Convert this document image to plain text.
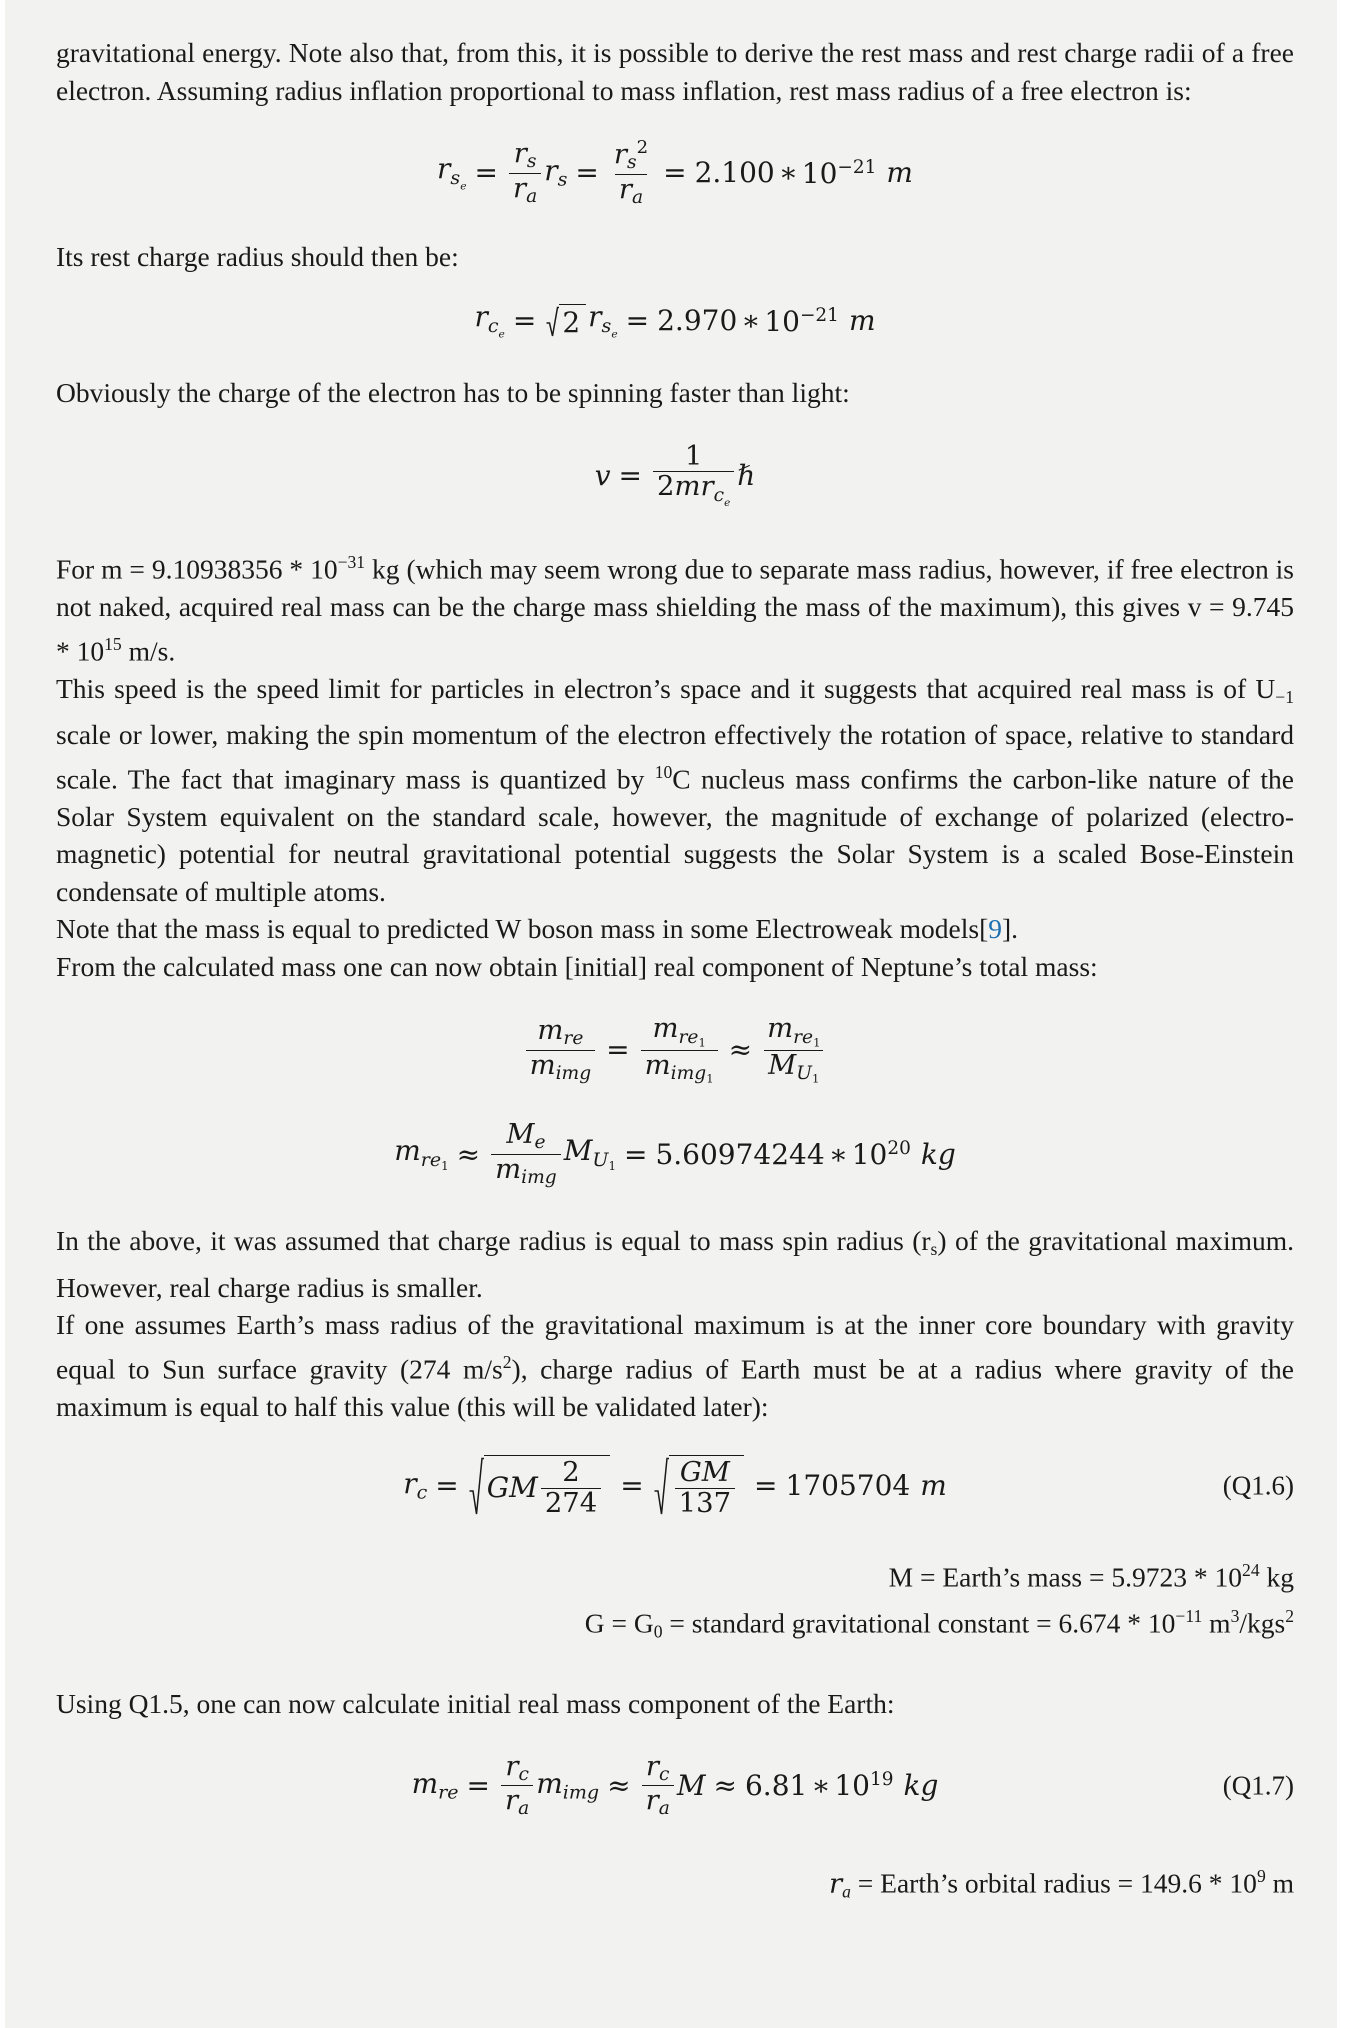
gravitational energy. Note also that, from this, it is possible to derive the rest mass and rest charge radii of a free electron. Assuming radius inflation proportional to mass inflation, rest mass radius of a free electron is:

$r_{s_e} = \frac{r_s}{r_a} r_s = \frac{r_s^2}{r_a} = 2.100$ ∗ $10^{-21}$ m

Its rest charge radius should then be:

$r_{c_e} = 2$ $r_{s_e} = 2.970$ ∗ $10^{-21}$ m

Obviously the charge of the electron has to be spinning faster than light:

$v = \frac{1}{2mr_{c_e}}$ ℏ

For $m = 9.10938356 * 10^{-31}$ kg (which may seem wrong due to separate mass radius, however, if free electron is not naked, acquired real mass can be the charge mass shielding the mass of the maximum), this gives $v = 9.745 * 10^{15}$ m/s.

This speed is the speed limit for particles in electron’s space and it suggests that acquired real mass is of U−1 scale or lower, making the spin momentum of the electron effectively the rotation of space, relative to standard scale. The fact that imaginary mass is quantized by $^{10}$C nucleus mass confirms the carbon-like nature of the Solar System equivalent on the standard scale, however, the magnitude of exchange of polarized (electro-magnetic) potential for neutral gravitational potential suggests the Solar System is a scaled Bose-Einstein condensate of multiple atoms.

Note that the mass is equal to predicted W boson mass in some Electroweak models[9].

From the calculated mass one can now obtain [initial] real component of Neptune’s total mass:

$\frac{m_{re}}{m_{img}} = \frac{m_{re1}}{m_{img1}} \approx \frac{m_{re1}}{M_{U1}}$
$m_{re1} \approx \frac{M_e}{m_{img}} M_{U1} = 5.60974244$ ∗ $10^{20}$ kg

In the above, it was assumed that charge radius is equal to mass spin radius (rs) of the gravitational maximum. However, real charge radius is smaller.

If one assumes Earth’s mass radius of the gravitational maximum is at the inner core boundary with gravity equal to Sun surface gravity (274 $m/s^2$), charge radius of Earth must be at a radius where gravity of the maximum is equal to half this value (this will be validated later):

$r_c$ = GM $\frac{2}{274} = \frac{GM}{137} = 1705704$ m	(Q1.6)
M = Earth’s mass = $5.9723 * 10^{24}$ kg
G = G0 = standard gravitational constant = $6.674 * 10^{-11}$ $m^3/kgs^2$

Using Q1.5, one can now calculate initial real mass component of the Earth:

$m_{re} = \frac{r_c}{r_a} m_{img} \approx \frac{r_c}{r_a}$ M ≈ 6.81 ∗ $10^{19}$ kg	(Q1.7)
ra = Earth’s orbital radius = $149.6 * 10^9$ m
